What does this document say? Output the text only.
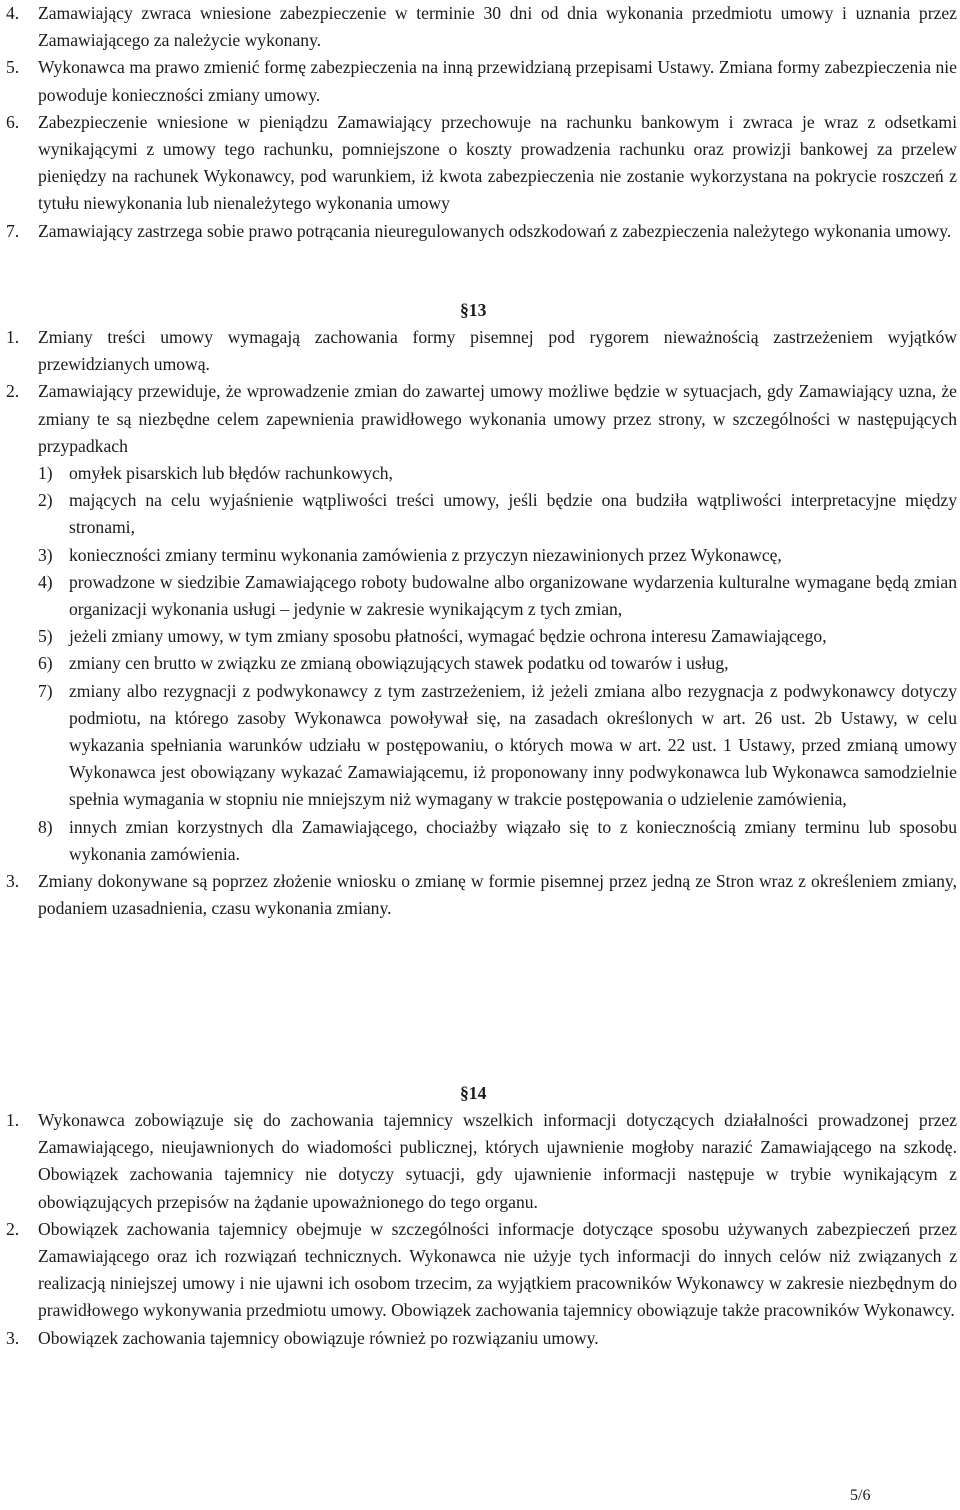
4. Zamawiający zwraca wniesione zabezpieczenie w terminie 30 dni od dnia wykonania przedmiotu umowy i uznania przez Zamawiającego za należycie wykonany.
5. Wykonawca ma prawo zmienić formę zabezpieczenia na inną przewidzianą przepisami Ustawy. Zmiana formy zabezpieczenia nie powoduje konieczności zmiany umowy.
6. Zabezpieczenie wniesione w pieniądzu Zamawiający przechowuje na rachunku bankowym i zwraca je wraz z odsetkami wynikającymi z umowy tego rachunku, pomniejszone o koszty prowadzenia rachunku oraz prowizji bankowej za przelew pieniędzy na rachunek Wykonawcy, pod warunkiem, iż kwota zabezpieczenia nie zostanie wykorzystana na pokrycie roszczeń z tytułu niewykonania lub nienależytego wykonania umowy
7. Zamawiający zastrzega sobie prawo potrącania nieuregulowanych odszkodowań z zabezpieczenia należytego wykonania umowy.
§13
1. Zmiany treści umowy wymagają zachowania formy pisemnej pod rygorem nieważnością zastrzeżeniem wyjątków przewidzianych umową.
2. Zamawiający przewiduje, że wprowadzenie zmian do zawartej umowy możliwe będzie w sytuacjach, gdy Zamawiający uzna, że zmiany te są niezbędne celem zapewnienia prawidłowego wykonania umowy przez strony, w szczególności w następujących przypadkach
1) omyłek pisarskich lub błędów rachunkowych,
2) mających na celu wyjaśnienie wątpliwości treści umowy, jeśli będzie ona budziła wątpliwości interpretacyjne między stronami,
3) konieczności zmiany terminu wykonania zamówienia z przyczyn niezawinionych przez Wykonawcę,
4) prowadzone w siedzibie Zamawiającego roboty budowalne albo organizowane wydarzenia kulturalne wymagane będą zmian organizacji wykonania usługi – jedynie w zakresie wynikającym z tych zmian,
5) jeżeli zmiany umowy, w tym zmiany sposobu płatności, wymagać będzie ochrona interesu Zamawiającego,
6) zmiany cen brutto w związku ze zmianą obowiązujących stawek podatku od towarów i usług,
7) zmiany albo rezygnacji z podwykonawcy z tym zastrzeżeniem, iż jeżeli zmiana albo rezygnacja z podwykonawcy dotyczy podmiotu, na którego zasoby Wykonawca powoływał się, na zasadach określonych w art. 26 ust. 2b Ustawy, w celu wykazania spełniania warunków udziału w postępowaniu, o których mowa w art. 22 ust. 1 Ustawy, przed zmianą umowy Wykonawca jest obowiązany wykazać Zamawiającemu, iż proponowany inny podwykonawca lub Wykonawca samodzielnie spełnia wymagania w stopniu nie mniejszym niż wymagany w trakcie postępowania o udzielenie zamówienia,
8) innych zmian korzystnych dla Zamawiającego, chociażby wiązało się to z koniecznością zmiany terminu lub sposobu wykonania zamówienia.
3. Zmiany dokonywane są poprzez złożenie wniosku o zmianę w formie pisemnej przez jedną ze Stron wraz z określeniem zmiany, podaniem uzasadnienia, czasu wykonania zmiany.
§14
1. Wykonawca zobowiązuje się do zachowania tajemnicy wszelkich informacji dotyczących działalności prowadzonej przez Zamawiającego, nieujawnionych do wiadomości publicznej, których ujawnienie mogłoby narazić Zamawiającego na szkodę. Obowiązek zachowania tajemnicy nie dotyczy sytuacji, gdy ujawnienie informacji następuje w trybie wynikającym z obowiązujących przepisów na żądanie upoważnionego do tego organu.
2. Obowiązek zachowania tajemnicy obejmuje w szczególności informacje dotyczące sposobu używanych zabezpieczeń przez Zamawiającego oraz ich rozwiązań technicznych. Wykonawca nie użyje tych informacji do innych celów niż związanych z realizacją niniejszej umowy i nie ujawni ich osobom trzecim, za wyjątkiem pracowników Wykonawcy w zakresie niezbędnym do prawidłowego wykonywania przedmiotu umowy. Obowiązek zachowania tajemnicy obowiązuje także pracowników Wykonawcy.
3. Obowiązek zachowania tajemnicy obowiązuje również po rozwiązaniu umowy.
5/6
